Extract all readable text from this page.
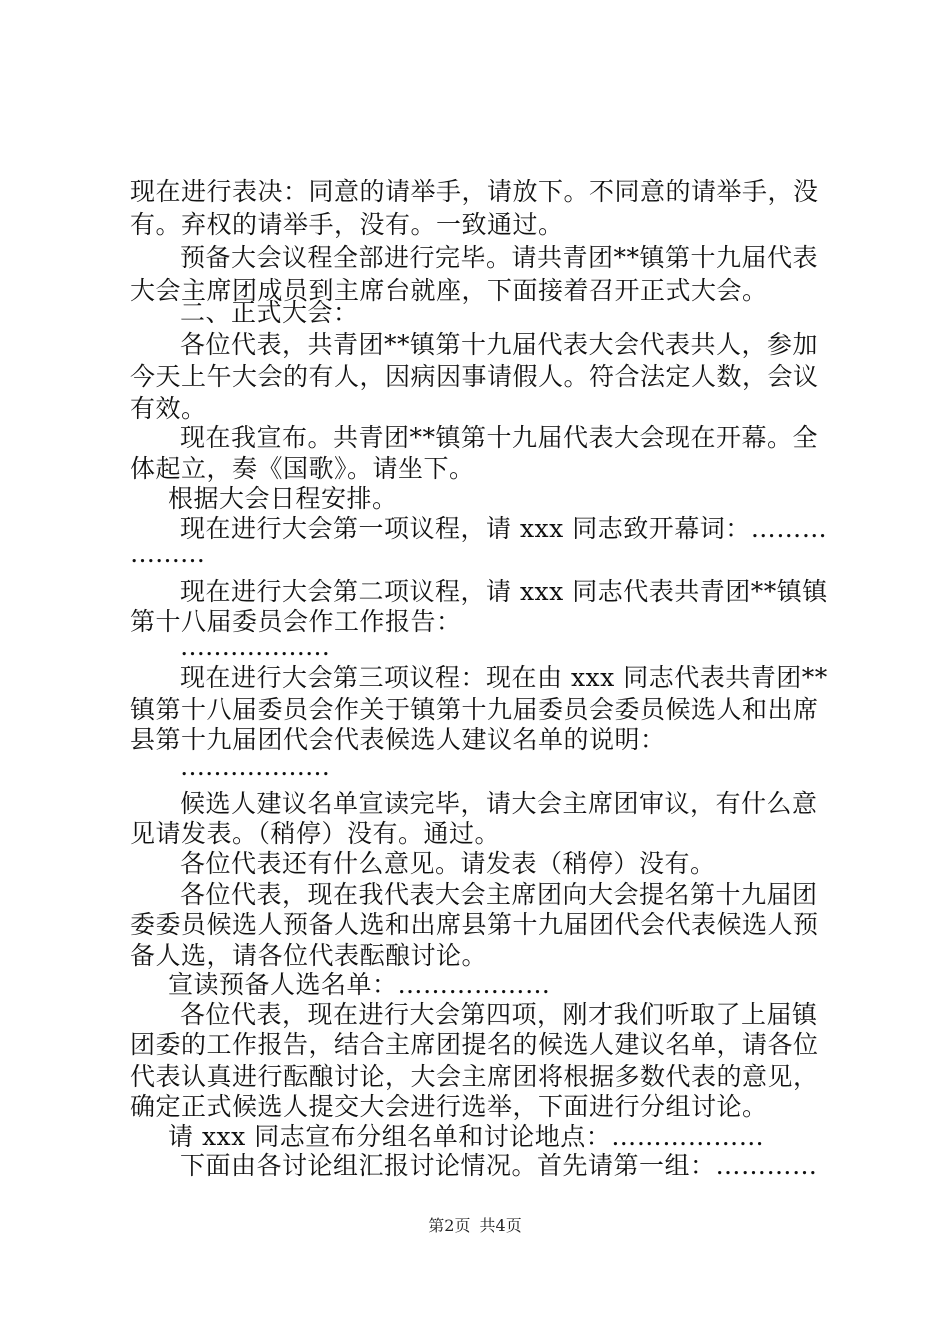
现在进行表决：同意的请举手，请放下。不同意的请举手，没

有。弃权的请举手，没有。一致通过。

预备大会议程全部进行完毕。请共青团**镇第十九届代表

大会主席团成员到主席台就座，下面接着召开正式大会。

二、正式大会：

各位代表，共青团**镇第十九届代表大会代表共人，参加

今天上午大会的有人，因病因事请假人。符合法定人数，会议

有效。

现在我宣布。共青团**镇第十九届代表大会现在开幕。全

体起立，奏《国歌》。请坐下。

根据大会日程安排。

现在进行大会第一项议程，请 xxx 同志致开幕词：………

………

现在进行大会第二项议程，请 xxx 同志代表共青团**镇镇

第十八届委员会作工作报告：

………………

现在进行大会第三项议程：现在由 xxx 同志代表共青团**

镇第十八届委员会作关于镇第十九届委员会委员候选人和出席

县第十九届团代会代表候选人建议名单的说明：

………………

候选人建议名单宣读完毕，请大会主席团审议，有什么意

见请发表。（稍停）没有。通过。

各位代表还有什么意见。请发表（稍停）没有。

各位代表，现在我代表大会主席团向大会提名第十九届团

委委员候选人预备人选和出席县第十九届团代会代表候选人预

备人选，请各位代表酝酿讨论。

宣读预备人选名单：………………

各位代表，现在进行大会第四项，刚才我们听取了上届镇

团委的工作报告，结合主席团提名的候选人建议名单，请各位

代表认真进行酝酿讨论，大会主席团将根据多数代表的意见，

确定正式候选人提交大会进行选举，下面进行分组讨论。

请 xxx 同志宣布分组名单和讨论地点：………………

下面由各讨论组汇报讨论情况。首先请第一组：…………

第2页 共4页
